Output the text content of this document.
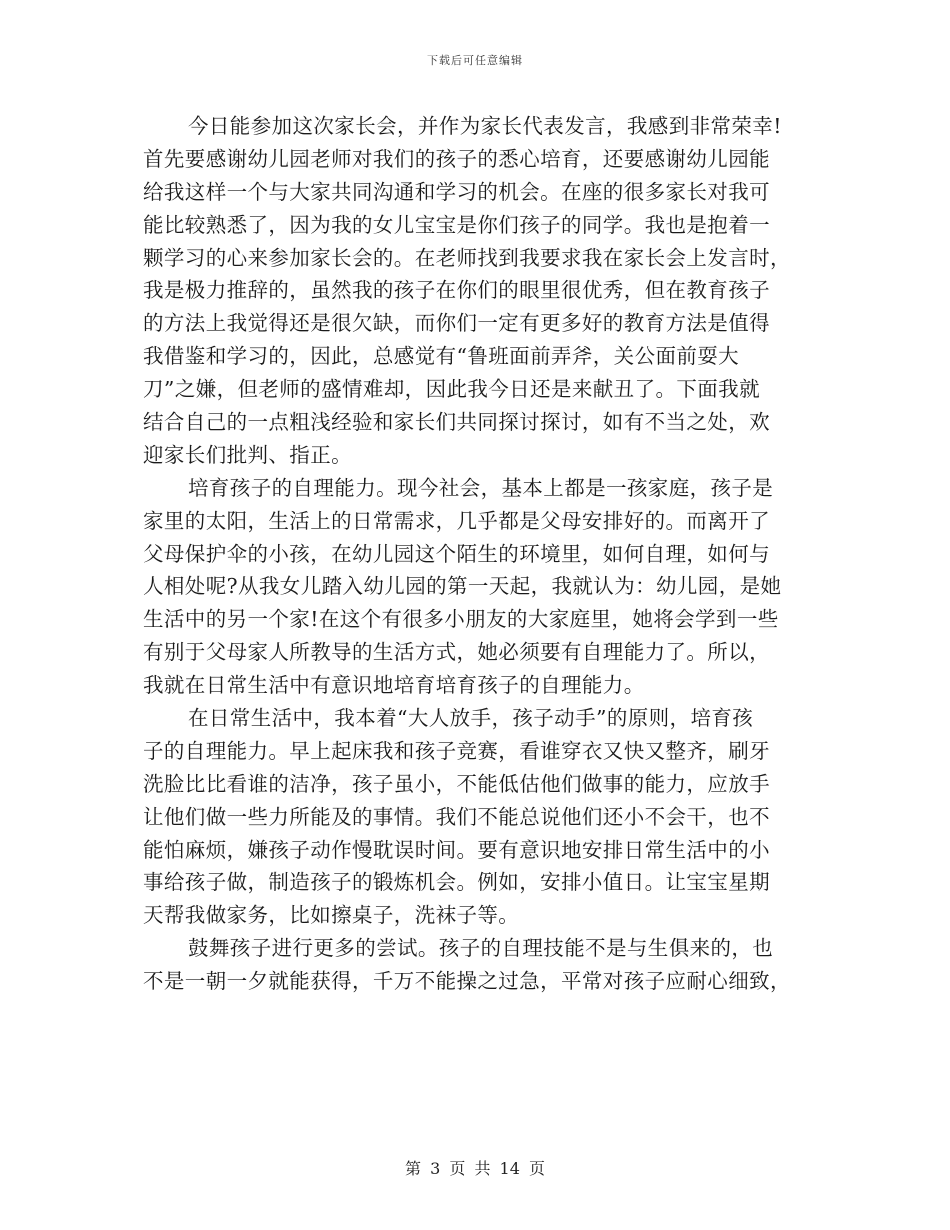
下载后可任意编辑
今日能参加这次家长会，并作为家长代表发言，我感到非常荣幸!
首先要感谢幼儿园老师对我们的孩子的悉心培育，还要感谢幼儿园能
给我这样一个与大家共同沟通和学习的机会。在座的很多家长对我可
能比较熟悉了，因为我的女儿宝宝是你们孩子的同学。我也是抱着一
颗学习的心来参加家长会的。在老师找到我要求我在家长会上发言时，
我是极力推辞的，虽然我的孩子在你们的眼里很优秀，但在教育孩子
的方法上我觉得还是很欠缺，而你们一定有更多好的教育方法是值得
我借鉴和学习的，因此，总感觉有“鲁班面前弄斧，关公面前耍大
刀”之嫌，但老师的盛情难却，因此我今日还是来献丑了。下面我就
结合自己的一点粗浅经验和家长们共同探讨探讨，如有不当之处，欢
迎家长们批判、指正。
培育孩子的自理能力。现今社会，基本上都是一孩家庭，孩子是
家里的太阳，生活上的日常需求，几乎都是父母安排好的。而离开了
父母保护伞的小孩，在幼儿园这个陌生的环境里，如何自理，如何与
人相处呢?从我女儿踏入幼儿园的第一天起，我就认为：幼儿园，是她
生活中的另一个家!在这个有很多小朋友的大家庭里，她将会学到一些
有别于父母家人所教导的生活方式，她必须要有自理能力了。所以，
我就在日常生活中有意识地培育培育孩子的自理能力。
在日常生活中，我本着“大人放手，孩子动手”的原则，培育孩
子的自理能力。早上起床我和孩子竞赛，看谁穿衣又快又整齐，刷牙
洗脸比比看谁的洁净，孩子虽小，不能低估他们做事的能力，应放手
让他们做一些力所能及的事情。我们不能总说他们还小不会干，也不
能怕麻烦，嫌孩子动作慢耽误时间。要有意识地安排日常生活中的小
事给孩子做，制造孩子的锻炼机会。例如，安排小值日。让宝宝星期
天帮我做家务，比如擦桌子，洗袜子等。
鼓舞孩子进行更多的尝试。孩子的自理技能不是与生俱来的，也
不是一朝一夕就能获得，千万不能操之过急，平常对孩子应耐心细致，
第 3 页 共 14 页
